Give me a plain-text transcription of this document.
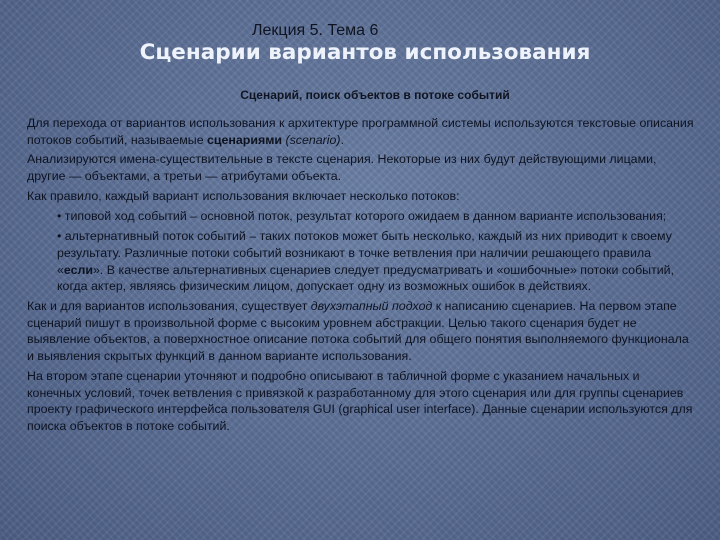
Лекция 5. Тема 6
Сценарии вариантов использования
Сценарий, поиск объектов в потоке событий

Для перехода от вариантов использования к архитектуре программной системы используются текстовые описания потоков событий, называемые сценариями (scenario).

Анализируются имена-существительные в тексте сценария. Некоторые из них будут действующими лицами, другие — объектами, а третьи — атрибутами объекта.

Как правило, каждый вариант использования включает несколько потоков:

• типовой ход событий – основной поток, результат которого ожидаем в данном варианте использования;

• альтернативный поток событий – таких потоков может быть несколько, каждый из них приводит к своему результату. Различные потоки событий возникают в точке ветвления при наличии решающего правила «если». В качестве альтернативных сценариев следует предусматривать и «ошибочные» потоки событий, когда актер, являясь физическим лицом, допускает одну из возможных ошибок в действиях.

Как и для вариантов использования, существует двухэтапный подход к написанию сценариев. На первом этапе сценарий пишут в произвольной форме с высоким уровнем абстракции. Целью такого сценария будет не выявление объектов, а поверхностное описание потока событий для общего понятия выполняемого функционала и выявления скрытых функций в данном варианте использования.

На втором этапе сценарии уточняют и подробно описывают в табличной форме с указанием начальных и конечных условий, точек ветвления с привязкой к разработанному для этого сценария или для группы сценариев проекту графического интерфейса пользователя GUI (graphical user interface). Данные сценарии используются для поиска объектов в потоке событий.
